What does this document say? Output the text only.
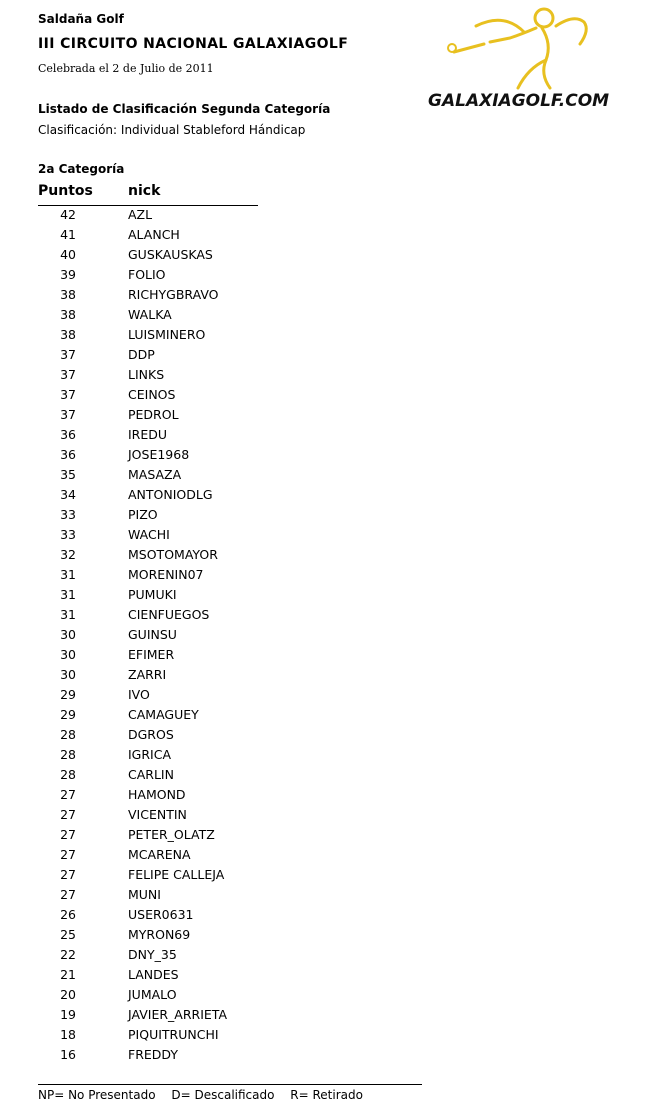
Saldaña Golf
III CIRCUITO NACIONAL GALAXIAGOLF
Celebrada el 2 de Julio de 2011
Listado de Clasificación Segunda Categoría
Clasificación: Individual Stableford Hándicap
2a Categoría
GALAXIAGOLF.COM
Puntos	nick
42	AZL
41	ALANCH
40	GUSKAUSKAS
39	FOLIO
38	RICHYGBRAVO
38	WALKA
38	LUISMINERO
37	DDP
37	LINKS
37	CEINOS
37	PEDROL
36	IREDU
36	JOSE1968
35	MASAZA
34	ANTONIODLG
33	PIZO
33	WACHI
32	MSOTOMAYOR
31	MORENIN07
31	PUMUKI
31	CIENFUEGOS
30	GUINSU
30	EFIMER
30	ZARRI
29	IVO
29	CAMAGUEY
28	DGROS
28	IGRICA
28	CARLIN
27	HAMOND
27	VICENTIN
27	PETER_OLATZ
27	MCARENA
27	FELIPE CALLEJA
27	MUNI
26	USER0631
25	MYRON69
22	DNY_35
21	LANDES
20	JUMALO
19	JAVIER_ARRIETA
18	PIQUITRUNCHI
16	FREDDY
NP= No Presentado D= Descalificado R= Retirado
